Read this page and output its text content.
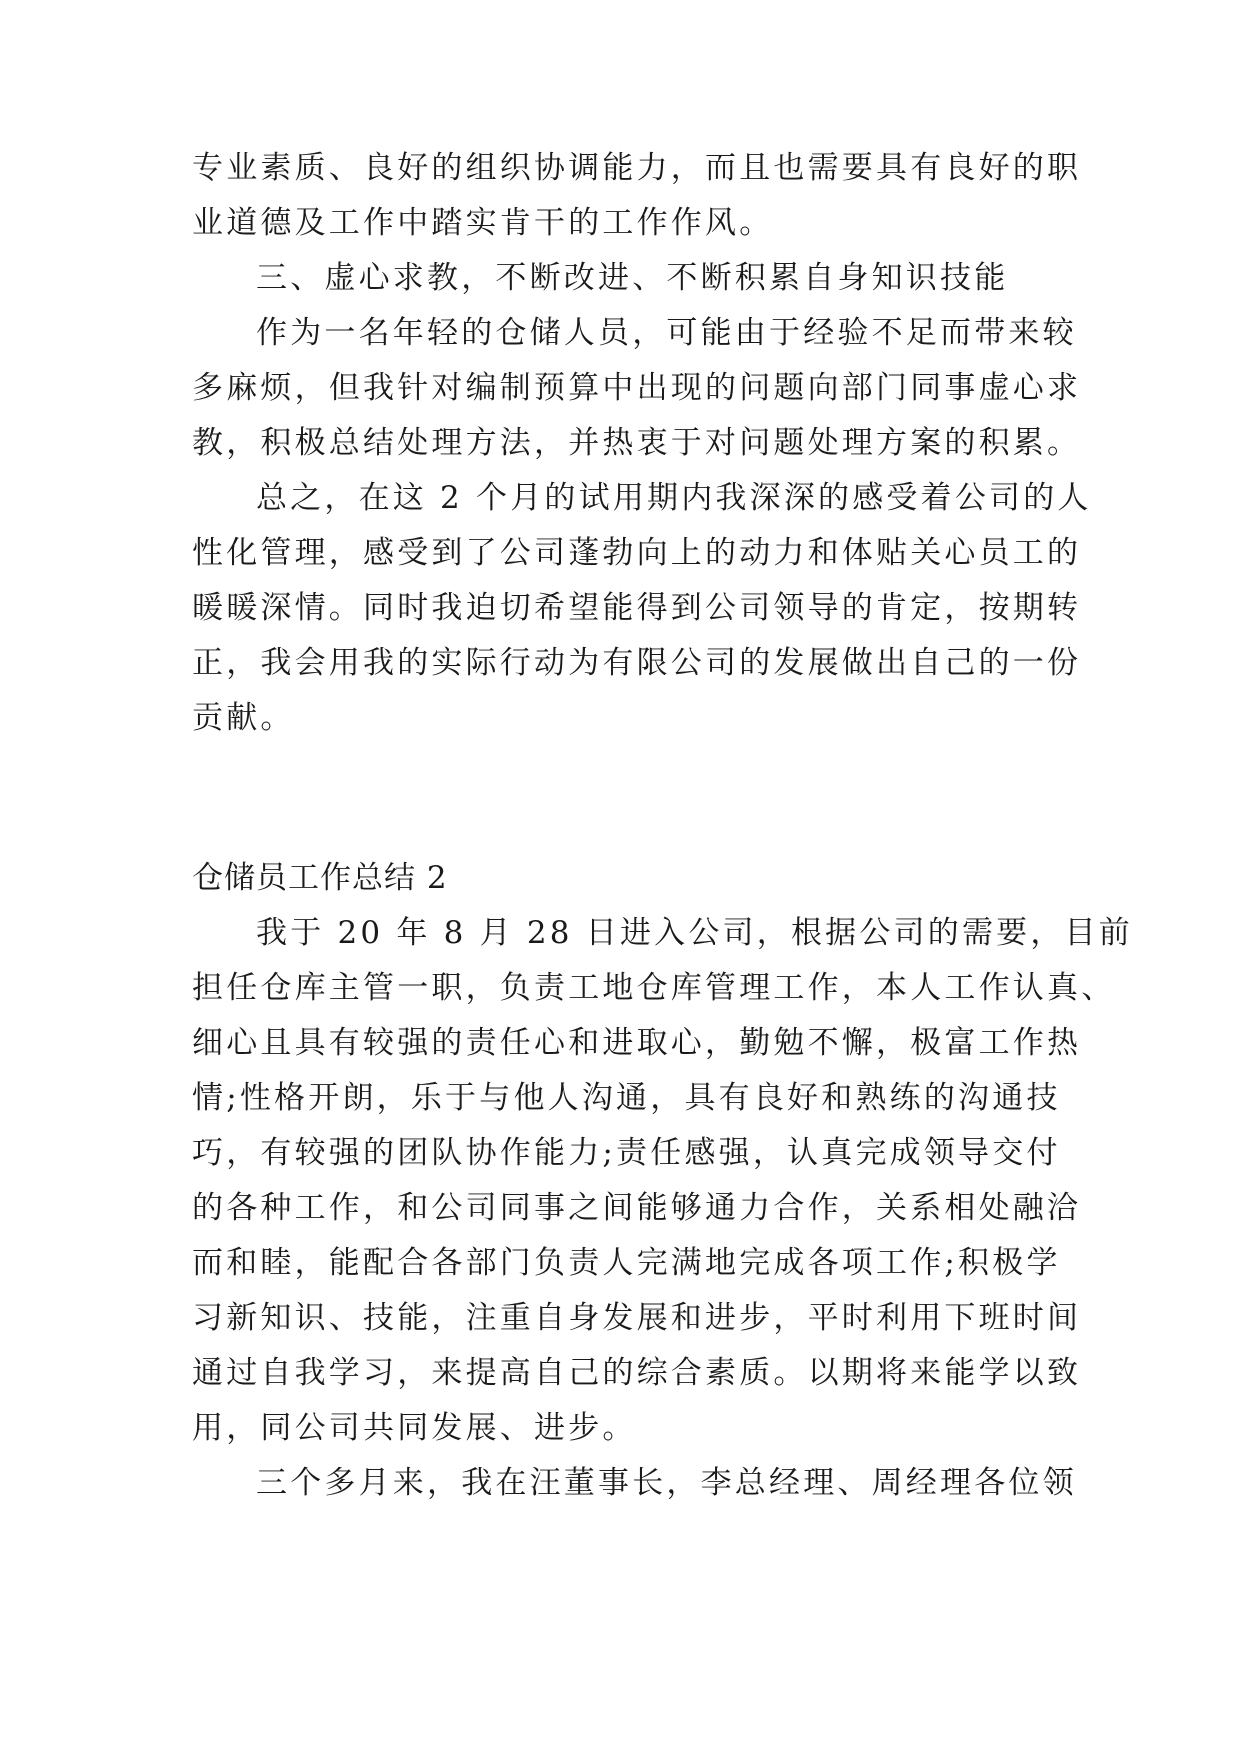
专业素质、良好的组织协调能力，而且也需要具有良好的职
业道德及工作中踏实肯干的工作作风。
三、虚心求教，不断改进、不断积累自身知识技能
作为一名年轻的仓储人员，可能由于经验不足而带来较
多麻烦，但我针对编制预算中出现的问题向部门同事虚心求
教，积极总结处理方法，并热衷于对问题处理方案的积累。
总之，在这 2 个月的试用期内我深深的感受着公司的人
性化管理，感受到了公司蓬勃向上的动力和体贴关心员工的
暖暖深情。同时我迫切希望能得到公司领导的肯定，按期转
正，我会用我的实际行动为有限公司的发展做出自己的一份
贡献。
仓储员工作总结 2
我于 20 年 8 月 28 日进入公司，根据公司的需要，目前
担任仓库主管一职，负责工地仓库管理工作，本人工作认真、
细心且具有较强的责任心和进取心，勤勉不懈，极富工作热
情;性格开朗，乐于与他人沟通，具有良好和熟练的沟通技
巧，有较强的团队协作能力;责任感强，认真完成领导交付
的各种工作，和公司同事之间能够通力合作，关系相处融洽
而和睦，能配合各部门负责人完满地完成各项工作;积极学
习新知识、技能，注重自身发展和进步，平时利用下班时间
通过自我学习，来提高自己的综合素质。以期将来能学以致
用，同公司共同发展、进步。
三个多月来，我在汪董事长，李总经理、周经理各位领
